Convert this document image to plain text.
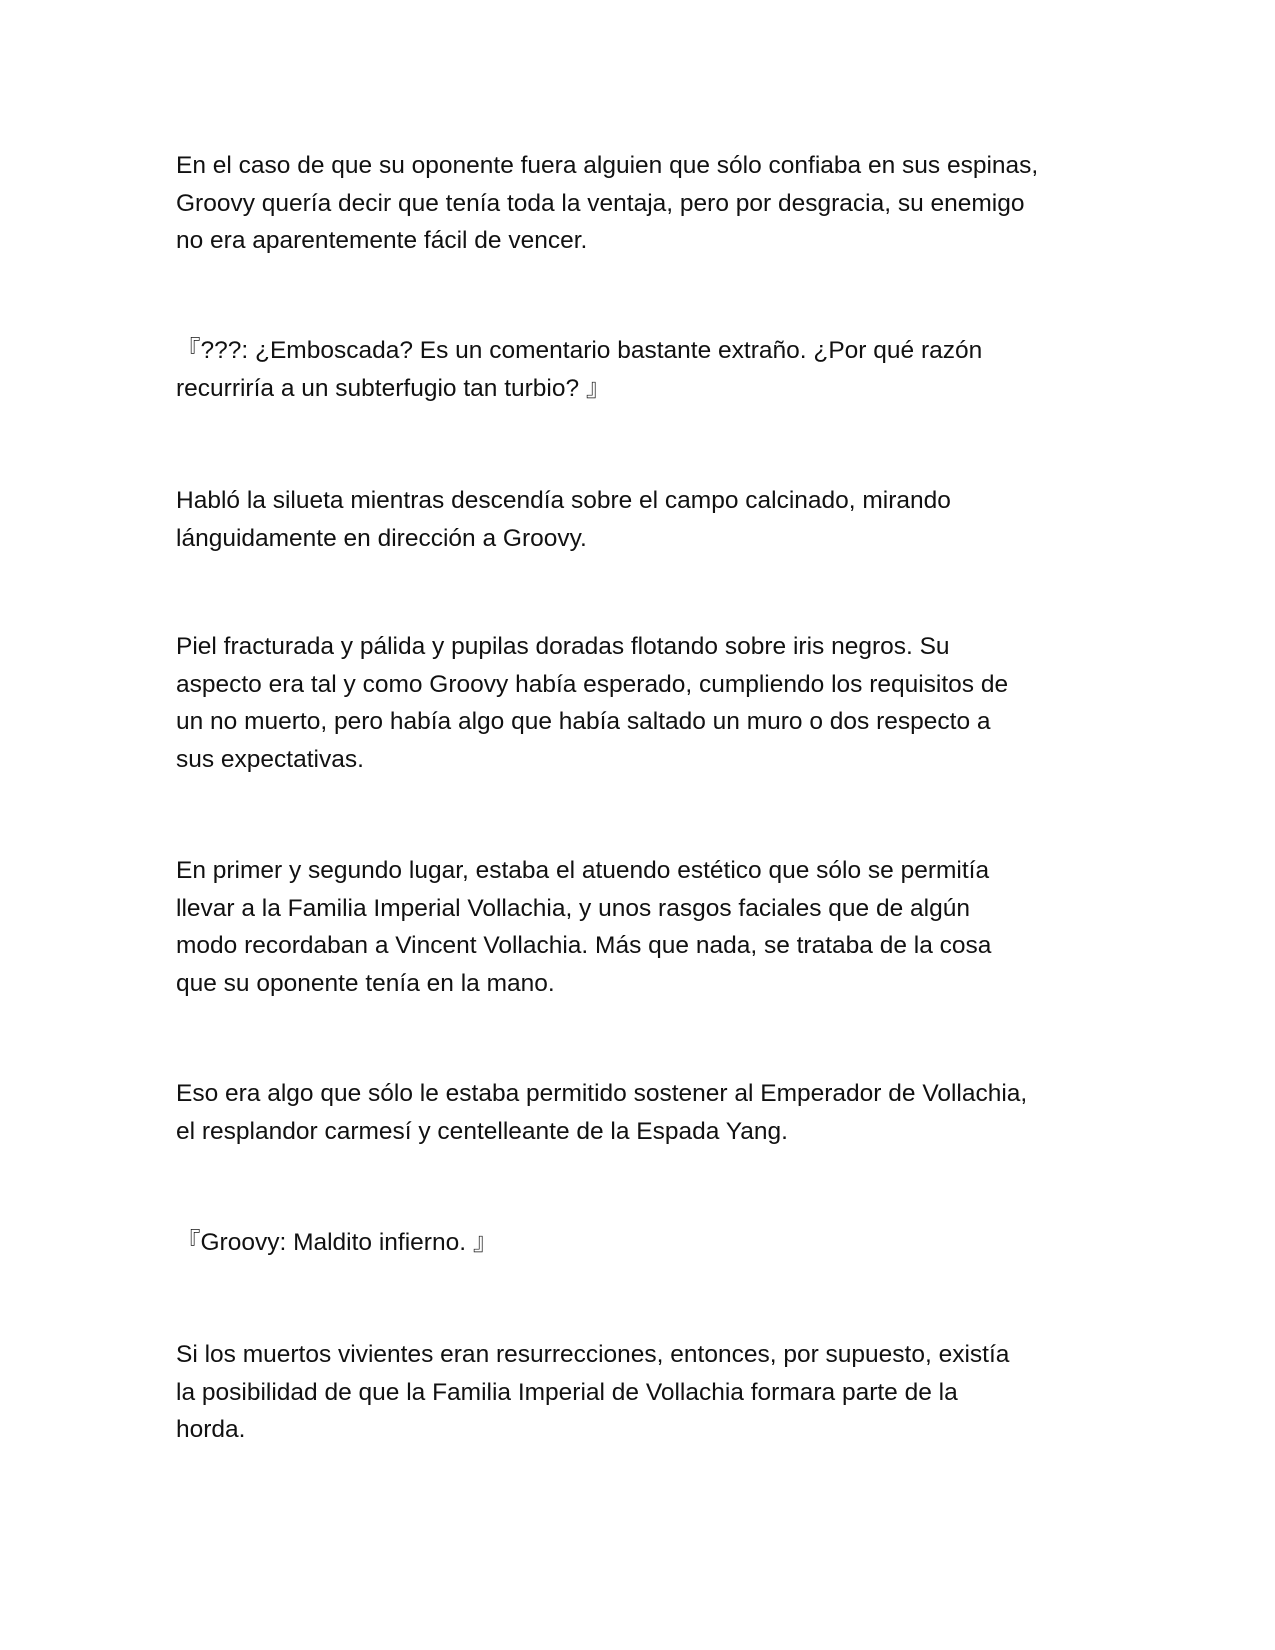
En el caso de que su oponente fuera alguien que sólo confiaba en sus espinas,
Groovy quería decir que tenía toda la ventaja, pero por desgracia, su enemigo
no era aparentemente fácil de vencer.

『???: ¿Emboscada? Es un comentario bastante extraño. ¿Por qué razón
recurriría a un subterfugio tan turbio? 』

Habló la silueta mientras descendía sobre el campo calcinado, mirando
lánguidamente en dirección a Groovy.

Piel fracturada y pálida y pupilas doradas flotando sobre iris negros. Su
aspecto era tal y como Groovy había esperado, cumpliendo los requisitos de
un no muerto, pero había algo que había saltado un muro o dos respecto a
sus expectativas.

En primer y segundo lugar, estaba el atuendo estético que sólo se permitía
llevar a la Familia Imperial Vollachia, y unos rasgos faciales que de algún
modo recordaban a Vincent Vollachia. Más que nada, se trataba de la cosa
que su oponente tenía en la mano.

Eso era algo que sólo le estaba permitido sostener al Emperador de Vollachia,
el resplandor carmesí y centelleante de la Espada Yang.

『Groovy: Maldito infierno. 』

Si los muertos vivientes eran resurrecciones, entonces, por supuesto, existía
la posibilidad de que la Familia Imperial de Vollachia formara parte de la
horda.
